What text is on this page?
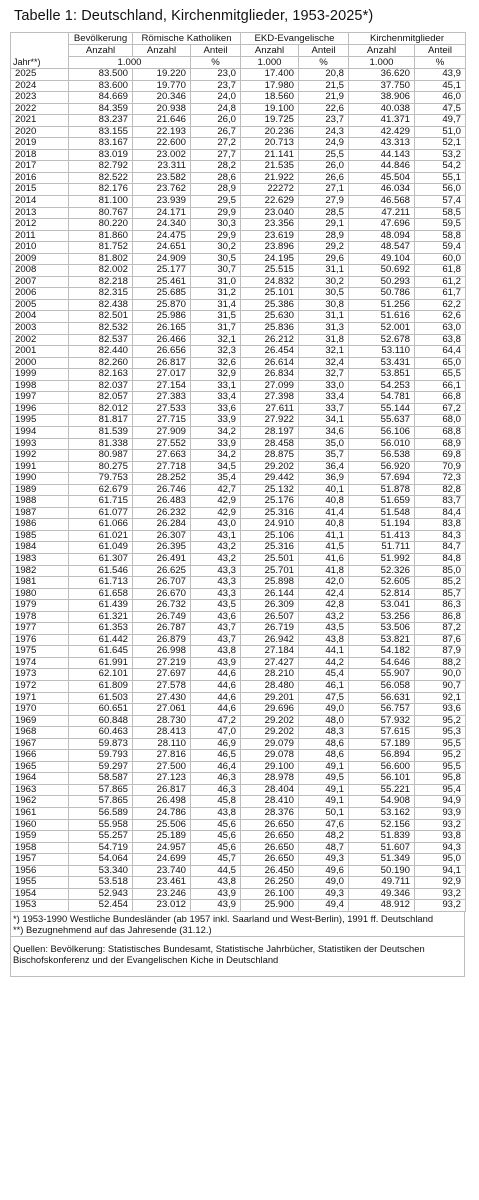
Tabelle 1: Deutschland, Kirchenmitglieder, 1953-2025*)
Jahr**)	Bevölkerung	Römische Katholiken		EKD-Evangelische		Kirchenmitglieder	
	Anzahl	Anzahl	Anteil	Anzahl	Anteil	Anzahl	Anteil
	1.000		%	1.000	%	1.000	%
2025	83.500	19.220	23,0	17.400	20,8	36.620	43,9
2024	83.600	19.770	23,7	17.980	21,5	37.750	45,1
2023	84.669	20.346	24,0	18.560	21,9	38.906	46,0
2022	84.359	20.938	24,8	19.100	22,6	40.038	47,5
2021	83.237	21.646	26,0	19.725	23,7	41.371	49,7
2020	83.155	22.193	26,7	20.236	24,3	42.429	51,0
2019	83.167	22.600	27,2	20.713	24,9	43.313	52,1
2018	83.019	23.002	27,7	21.141	25,5	44.143	53,2
2017	82.792	23.311	28,2	21.535	26,0	44.846	54,2
2016	82.522	23.582	28,6	21.922	26,6	45.504	55,1
2015	82.176	23.762	28,9	22272	27,1	46.034	56,0
2014	81.100	23.939	29,5	22.629	27,9	46.568	57,4
2013	80.767	24.171	29,9	23.040	28,5	47.211	58,5
2012	80.220	24.340	30,3	23.356	29,1	47.696	59,5
2011	81.860	24.475	29,9	23.619	28,9	48.094	58,8
2010	81.752	24.651	30,2	23.896	29,2	48.547	59,4
2009	81.802	24.909	30,5	24.195	29,6	49.104	60,0
2008	82.002	25.177	30,7	25.515	31,1	50.692	61,8
2007	82.218	25.461	31,0	24.832	30,2	50.293	61,2
2006	82.315	25.685	31,2	25.101	30,5	50.786	61,7
2005	82.438	25.870	31,4	25.386	30,8	51.256	62,2
2004	82.501	25.986	31,5	25.630	31,1	51.616	62,6
2003	82.532	26.165	31,7	25.836	31,3	52.001	63,0
2002	82.537	26.466	32,1	26.212	31,8	52.678	63,8
2001	82.440	26.656	32,3	26.454	32,1	53.110	64,4
2000	82.260	26.817	32,6	26.614	32,4	53.431	65,0
1999	82.163	27.017	32,9	26.834	32,7	53.851	65,5
1998	82.037	27.154	33,1	27.099	33,0	54.253	66,1
1997	82.057	27.383	33,4	27.398	33,4	54.781	66,8
1996	82.012	27.533	33,6	27.611	33,7	55.144	67,2
1995	81.817	27.715	33,9	27.922	34,1	55.637	68,0
1994	81.539	27.909	34,2	28.197	34,6	56.106	68,8
1993	81.338	27.552	33,9	28.458	35,0	56.010	68,9
1992	80.987	27.663	34,2	28.875	35,7	56.538	69,8
1991	80.275	27.718	34,5	29.202	36,4	56.920	70,9
1990	79.753	28.252	35,4	29.442	36,9	57.694	72,3
1989	62.679	26.746	42,7	25.132	40,1	51.878	82,8
1988	61.715	26.483	42,9	25.176	40,8	51.659	83,7
1987	61.077	26.232	42,9	25.316	41,4	51.548	84,4
1986	61.066	26.284	43,0	24.910	40,8	51.194	83,8
1985	61.021	26.307	43,1	25.106	41,1	51.413	84,3
1984	61.049	26.395	43,2	25.316	41,5	51.711	84,7
1983	61.307	26.491	43,2	25.501	41,6	51.992	84,8
1982	61.546	26.625	43,3	25.701	41,8	52.326	85,0
1981	61.713	26.707	43,3	25.898	42,0	52.605	85,2
1980	61.658	26.670	43,3	26.144	42,4	52.814	85,7
1979	61.439	26.732	43,5	26.309	42,8	53.041	86,3
1978	61.321	26.749	43,6	26.507	43,2	53.256	86,8
1977	61.353	26.787	43,7	26.719	43,5	53.506	87,2
1976	61.442	26.879	43,7	26.942	43,8	53.821	87,6
1975	61.645	26.998	43,8	27.184	44,1	54.182	87,9
1974	61.991	27.219	43,9	27.427	44,2	54.646	88,2
1973	62.101	27.697	44,6	28.210	45,4	55.907	90,0
1972	61.809	27.578	44,6	28.480	46,1	56.058	90,7
1971	61.503	27.430	44,6	29.201	47,5	56.631	92,1
1970	60.651	27.061	44,6	29.696	49,0	56.757	93,6
1969	60.848	28.730	47,2	29.202	48,0	57.932	95,2
1968	60.463	28.413	47,0	29.202	48,3	57.615	95,3
1967	59.873	28.110	46,9	29.079	48,6	57.189	95,5
1966	59.793	27.816	46,5	29.078	48,6	56.894	95,2
1965	59.297	27.500	46,4	29.100	49,1	56.600	95,5
1964	58.587	27.123	46,3	28.978	49,5	56.101	95,8
1963	57.865	26.817	46,3	28.404	49,1	55.221	95,4
1962	57.865	26.498	45,8	28.410	49,1	54.908	94,9
1961	56.589	24.786	43,8	28.376	50,1	53.162	93,9
1960	55.958	25.506	45,6	26.650	47,6	52.156	93,2
1959	55.257	25.189	45,6	26.650	48,2	51.839	93,8
1958	54.719	24.957	45,6	26.650	48,7	51.607	94,3
1957	54.064	24.699	45,7	26.650	49,3	51.349	95,0
1956	53.340	23.740	44,5	26.450	49,6	50.190	94,1
1955	53.518	23.461	43,8	26.250	49,0	49.711	92,9
1954	52.943	23.246	43,9	26.100	49,3	49.346	93,2
1953	52.454	23.012	43,9	25.900	49,4	48.912	93,2
*) 1953-1990 Westliche Bundesländer (ab 1957 inkl. Saarland und West-Berlin), 1991 ff. Deutschland
**) Bezugnehmend auf das Jahresende (31.12.)
Quellen: Bevölkerung: Statistisches Bundesamt, Statistische Jahrbücher, Statistiken der Deutschen Bischofskonferenz und der Evangelischen Kiche in Deutschland
